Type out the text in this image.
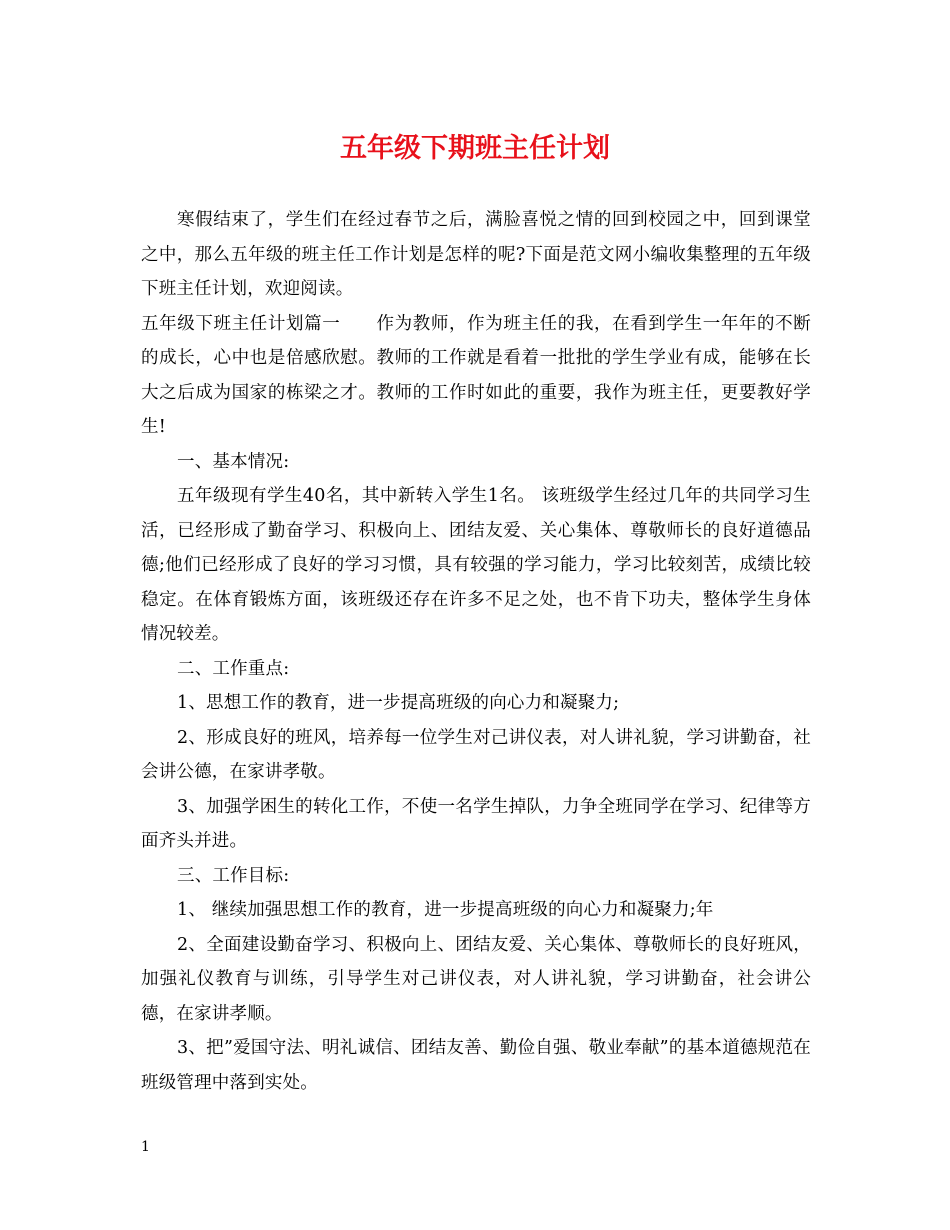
五年级下期班主任计划

寒假结束了，学生们在经过春节之后，满脸喜悦之情的回到校园之中，回到课堂之中，那么五年级的班主任工作计划是怎样的呢?下面是范文网小编收集整理的五年级下班主任计划，欢迎阅读。

五年级下班主任计划篇一　　作为教师，作为班主任的我，在看到学生一年年的不断的成长，心中也是倍感欣慰。教师的工作就是看着一批批的学生学业有成，能够在长大之后成为国家的栋梁之才。教师的工作时如此的重要，我作为班主任，更要教好学生!

一、基本情况:

五年级现有学生40名，其中新转入学生1名。 该班级学生经过几年的共同学习生活，已经形成了勤奋学习、积极向上、团结友爱、关心集体、尊敬师长的良好道德品德;他们已经形成了良好的学习习惯，具有较强的学习能力，学习比较刻苦，成绩比较稳定。在体育锻炼方面，该班级还存在许多不足之处，也不肯下功夫，整体学生身体情况较差。

二、工作重点:

1、思想工作的教育，进一步提高班级的向心力和凝聚力;

2、形成良好的班风，培养每一位学生对己讲仪表，对人讲礼貌，学习讲勤奋，社会讲公德，在家讲孝敬。

3、加强学困生的转化工作，不使一名学生掉队，力争全班同学在学习、纪律等方面齐头并进。

三、工作目标:

1、 继续加强思想工作的教育，进一步提高班级的向心力和凝聚力;年

2、全面建设勤奋学习、积极向上、团结友爱、关心集体、尊敬师长的良好班风，加强礼仪教育与训练，引导学生对己讲仪表，对人讲礼貌，学习讲勤奋，社会讲公德，在家讲孝顺。

3、把”爱国守法、明礼诚信、团结友善、勤俭自强、敬业奉献”的基本道德规范在班级管理中落到实处。

1
